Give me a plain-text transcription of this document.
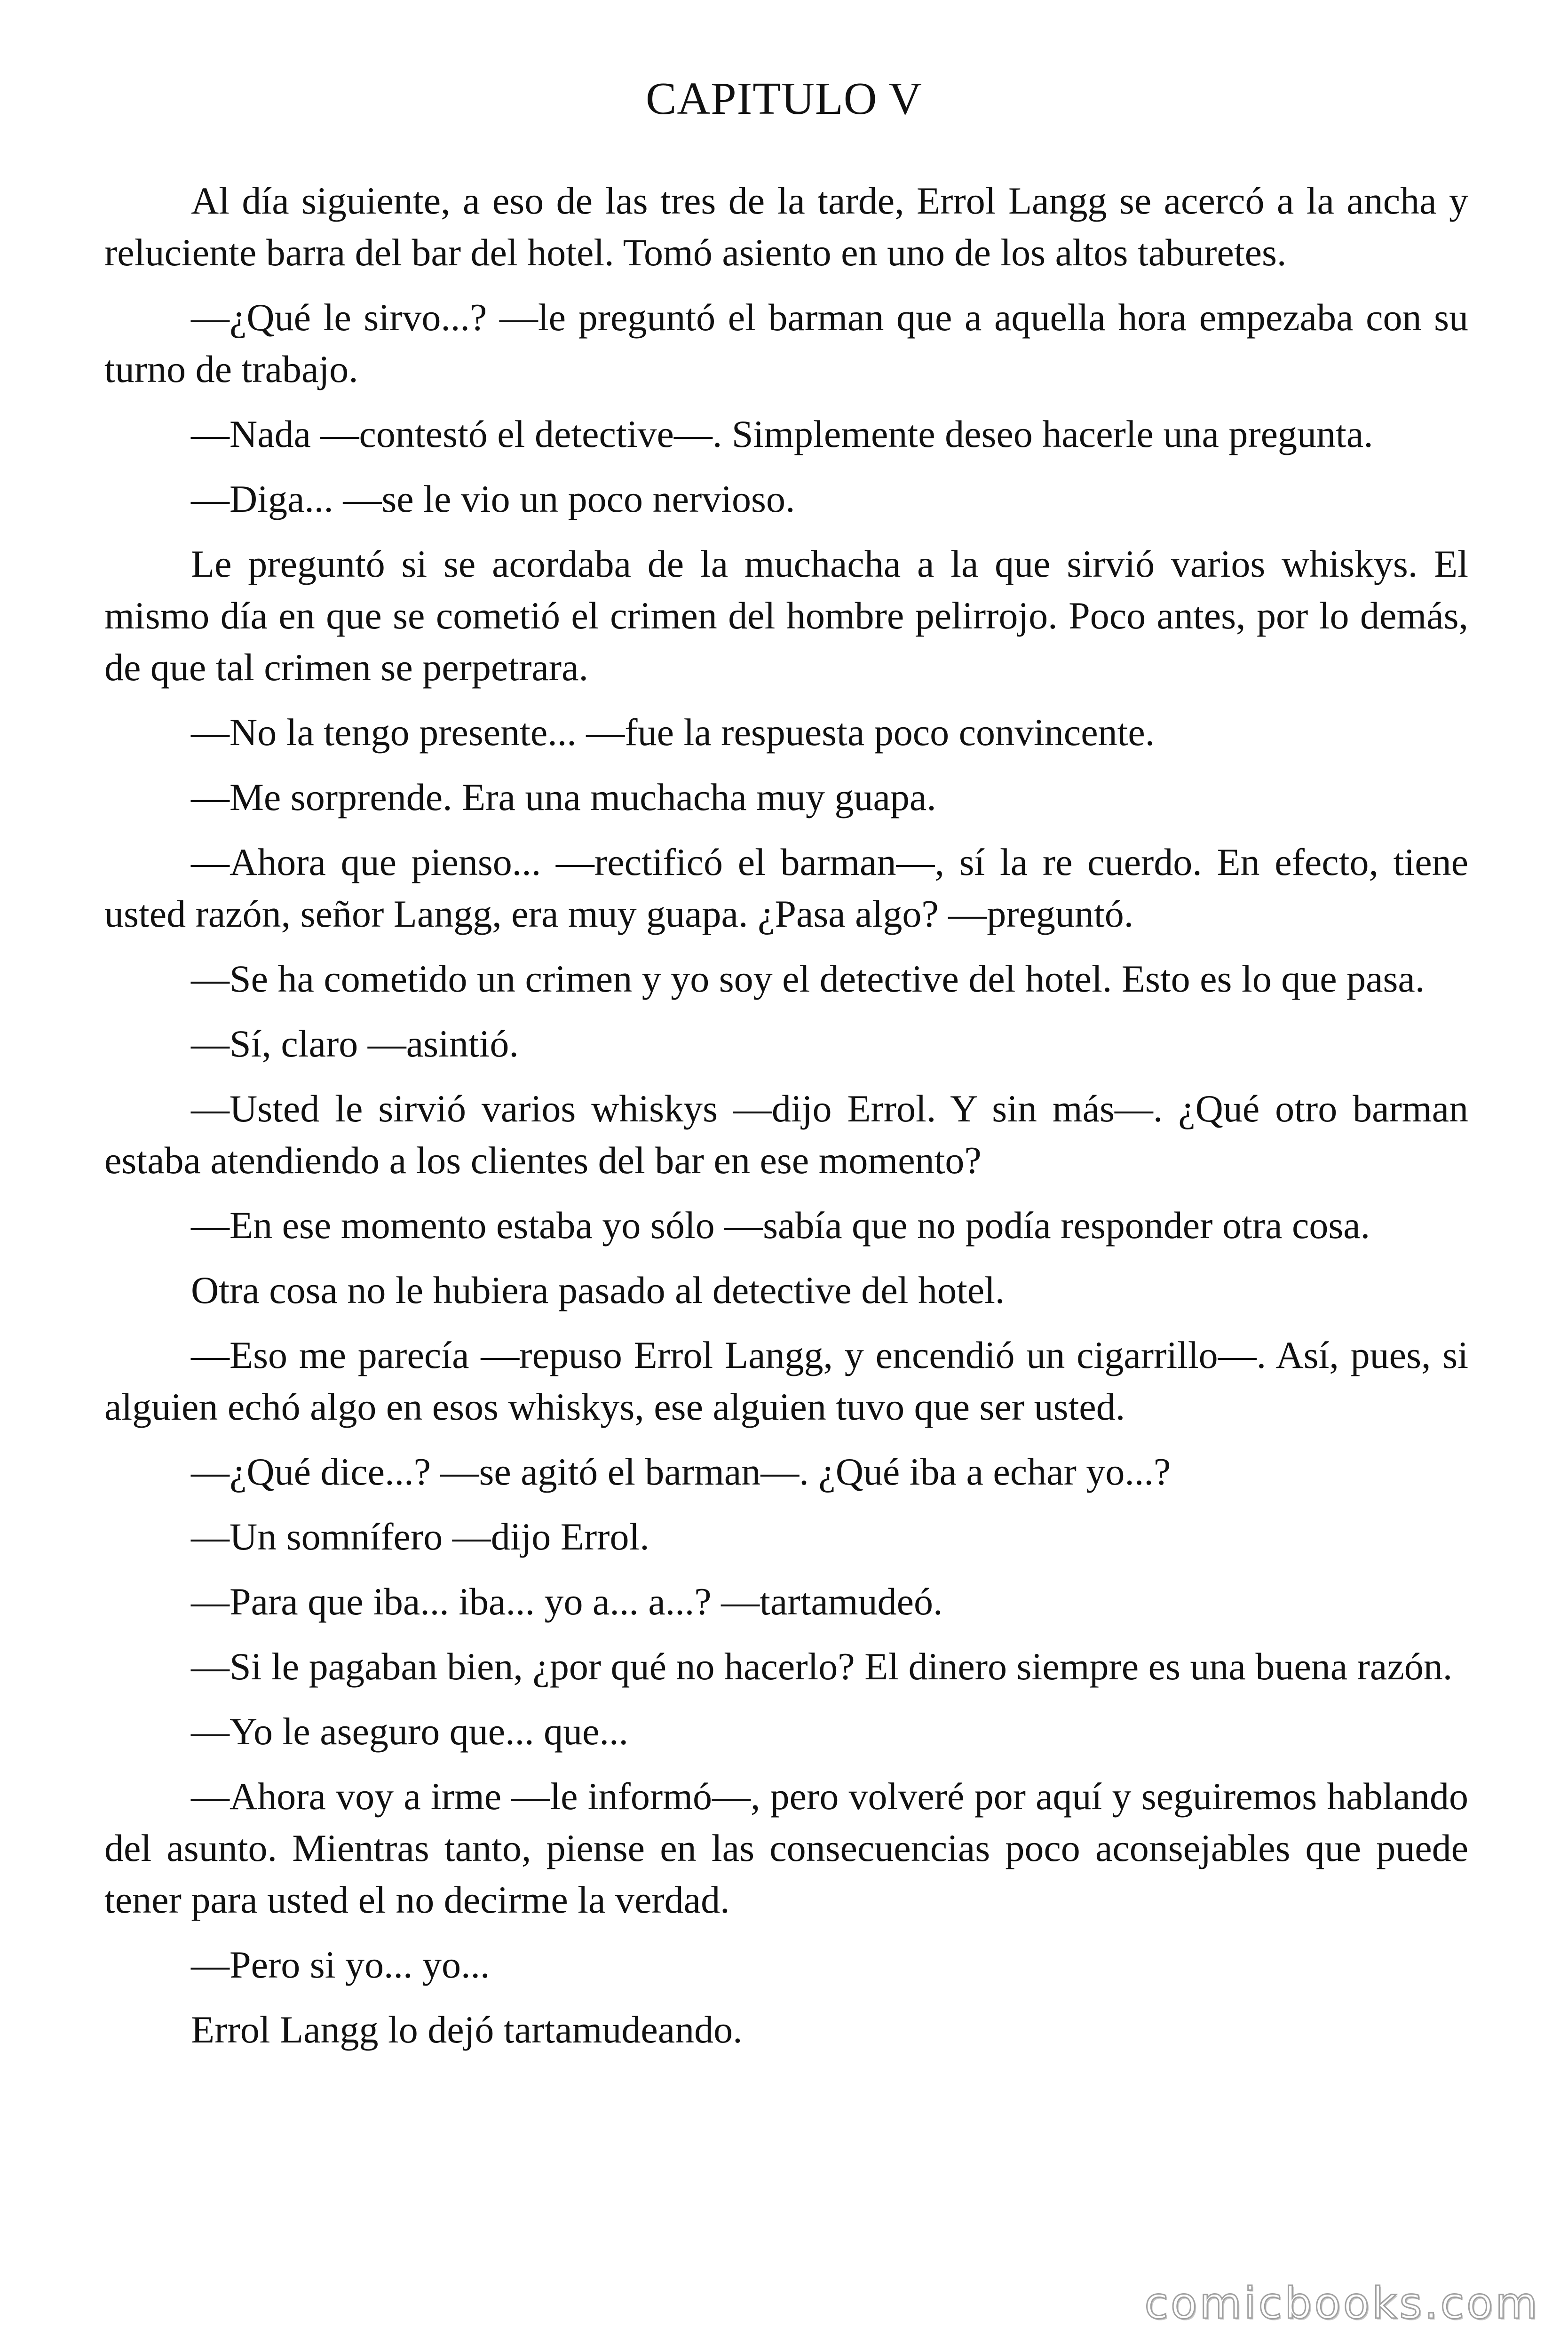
CAPITULO V

Al día siguiente, a eso de las tres de la tarde, Errol Langg se acercó a la ancha y reluciente barra del bar del hotel. Tomó asiento en uno de los altos taburetes.

—¿Qué le sirvo...? —le preguntó el barman que a aquella hora empezaba con su turno de trabajo.

—Nada —contestó el detective—. Simplemente deseo hacerle una pregunta.

—Diga... —se le vio un poco nervioso.

Le preguntó si se acordaba de la muchacha a la que sirvió varios whiskys. El mismo día en que se cometió el crimen del hombre pelirrojo. Poco antes, por lo demás, de que tal crimen se perpetrara.

—No la tengo presente... —fue la respuesta poco convincente.

—Me sorprende. Era una muchacha muy guapa.

—Ahora que pienso... —rectificó el barman—, sí la re cuerdo. En efecto, tiene usted razón, señor Langg, era muy guapa. ¿Pasa algo? —preguntó.

—Se ha cometido un crimen y yo soy el detective del hotel. Esto es lo que pasa.

—Sí, claro —asintió.

—Usted le sirvió varios whiskys —dijo Errol. Y sin más—. ¿Qué otro barman estaba atendiendo a los clientes del bar en ese momento?

—En ese momento estaba yo sólo —sabía que no podía responder otra cosa.

Otra cosa no le hubiera pasado al detective del hotel.

—Eso me parecía —repuso Errol Langg, y encendió un cigarrillo—. Así, pues, si alguien echó algo en esos whiskys, ese alguien tuvo que ser usted.

—¿Qué dice...? —se agitó el barman—. ¿Qué iba a echar yo...?

—Un somnífero —dijo Errol.

—Para que iba... iba... yo a... a...? —tartamudeó.

—Si le pagaban bien, ¿por qué no hacerlo? El dinero siempre es una buena razón.

—Yo le aseguro que... que...

—Ahora voy a irme —le informó—, pero volveré por aquí y seguiremos hablando del asunto. Mientras tanto, piense en las consecuencias poco aconsejables que puede tener para usted el no decirme la verdad.

—Pero si yo... yo...

Errol Langg lo dejó tartamudeando.

comicbooks.com
